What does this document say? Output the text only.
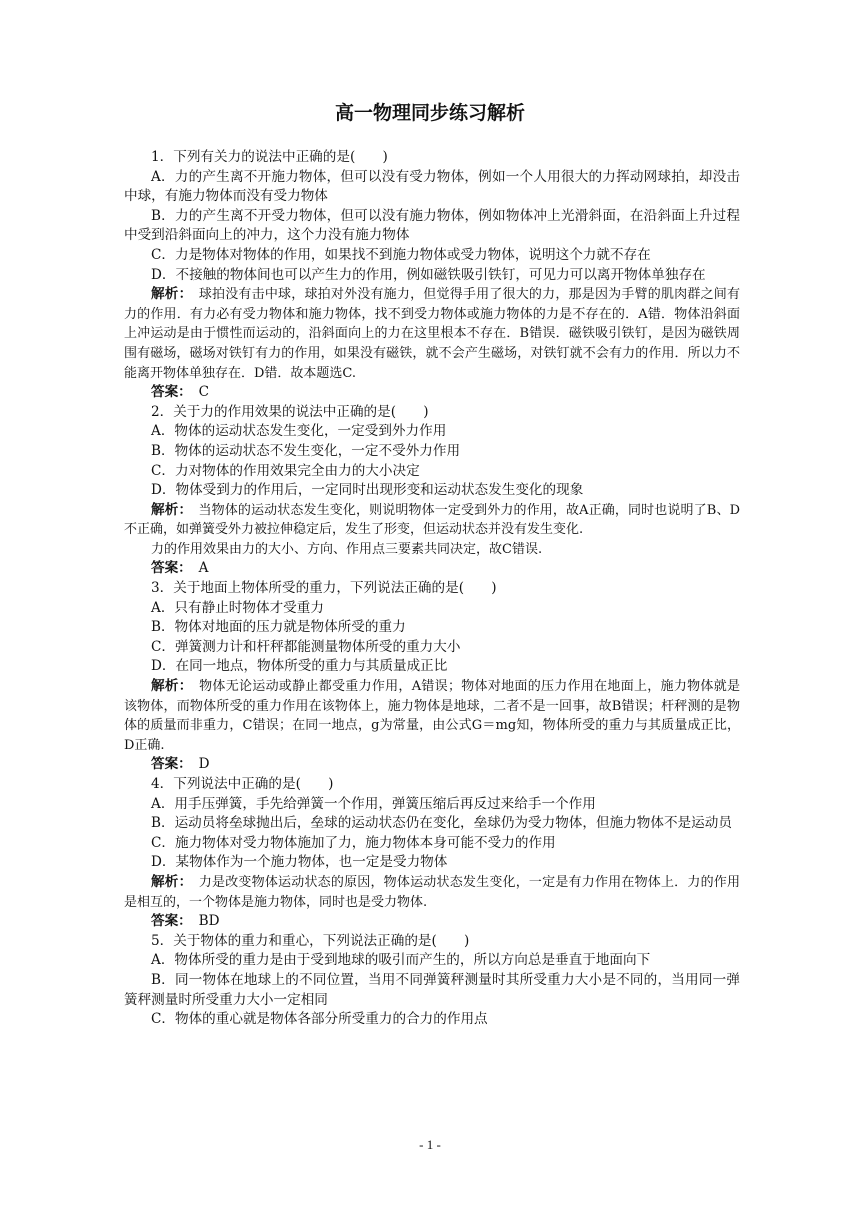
高一物理同步练习解析

1．下列有关力的说法中正确的是(　　)

A．力的产生离不开施力物体，但可以没有受力物体，例如一个人用很大的力挥动网球拍，却没击中球，有施力物体而没有受力物体

B．力的产生离不开受力物体，但可以没有施力物体，例如物体冲上光滑斜面，在沿斜面上升过程中受到沿斜面向上的冲力，这个力没有施力物体

C．力是物体对物体的作用，如果找不到施力物体或受力物体，说明这个力就不存在

D．不接触的物体间也可以产生力的作用，例如磁铁吸引铁钉，可见力可以离开物体单独存在

解析：　球拍没有击中球，球拍对外没有施力，但觉得手用了很大的力，那是因为手臂的肌肉群之间有力的作用．有力必有受力物体和施力物体，找不到受力物体或施力物体的力是不存在的．A错．物体沿斜面上冲运动是由于惯性而运动的，沿斜面向上的力在这里根本不存在．B错误．磁铁吸引铁钉，是因为磁铁周围有磁场，磁场对铁钉有力的作用，如果没有磁铁，就不会产生磁场，对铁钉就不会有力的作用．所以力不能离开物体单独存在．D错．故本题选C.

答案：　C

2．关于力的作用效果的说法中正确的是(　　)

A．物体的运动状态发生变化，一定受到外力作用

B．物体的运动状态不发生变化，一定不受外力作用

C．力对物体的作用效果完全由力的大小决定

D．物体受到力的作用后，一定同时出现形变和运动状态发生变化的现象

解析：　当物体的运动状态发生变化，则说明物体一定受到外力的作用，故A正确，同时也说明了B、D不正确，如弹簧受外力被拉伸稳定后，发生了形变，但运动状态并没有发生变化.

力的作用效果由力的大小、方向、作用点三要素共同决定，故C错误.

答案：　A

3．关于地面上物体所受的重力，下列说法正确的是(　　)

A．只有静止时物体才受重力

B．物体对地面的压力就是物体所受的重力

C．弹簧测力计和杆秤都能测量物体所受的重力大小

D．在同一地点，物体所受的重力与其质量成正比

解析：　物体无论运动或静止都受重力作用，A错误；物体对地面的压力作用在地面上，施力物体就是该物体，而物体所受的重力作用在该物体上，施力物体是地球，二者不是一回事，故B错误；杆秤测的是物体的质量而非重力，C错误；在同一地点，g为常量，由公式G＝mg知，物体所受的重力与其质量成正比，D正确.

答案：　D

4．下列说法中正确的是(　　)

A．用手压弹簧，手先给弹簧一个作用，弹簧压缩后再反过来给手一个作用

B．运动员将垒球抛出后，垒球的运动状态仍在变化，垒球仍为受力物体，但施力物体不是运动员

C．施力物体对受力物体施加了力，施力物体本身可能不受力的作用

D．某物体作为一个施力物体，也一定是受力物体

解析：　力是改变物体运动状态的原因，物体运动状态发生变化，一定是有力作用在物体上．力的作用是相互的，一个物体是施力物体，同时也是受力物体.

答案：　BD

5．关于物体的重力和重心，下列说法正确的是(　　)

A．物体所受的重力是由于受到地球的吸引而产生的，所以方向总是垂直于地面向下

B．同一物体在地球上的不同位置，当用不同弹簧秤测量时其所受重力大小是不同的，当用同一弹簧秤测量时所受重力大小一定相同

C．物体的重心就是物体各部分所受重力的合力的作用点

- 1 -
